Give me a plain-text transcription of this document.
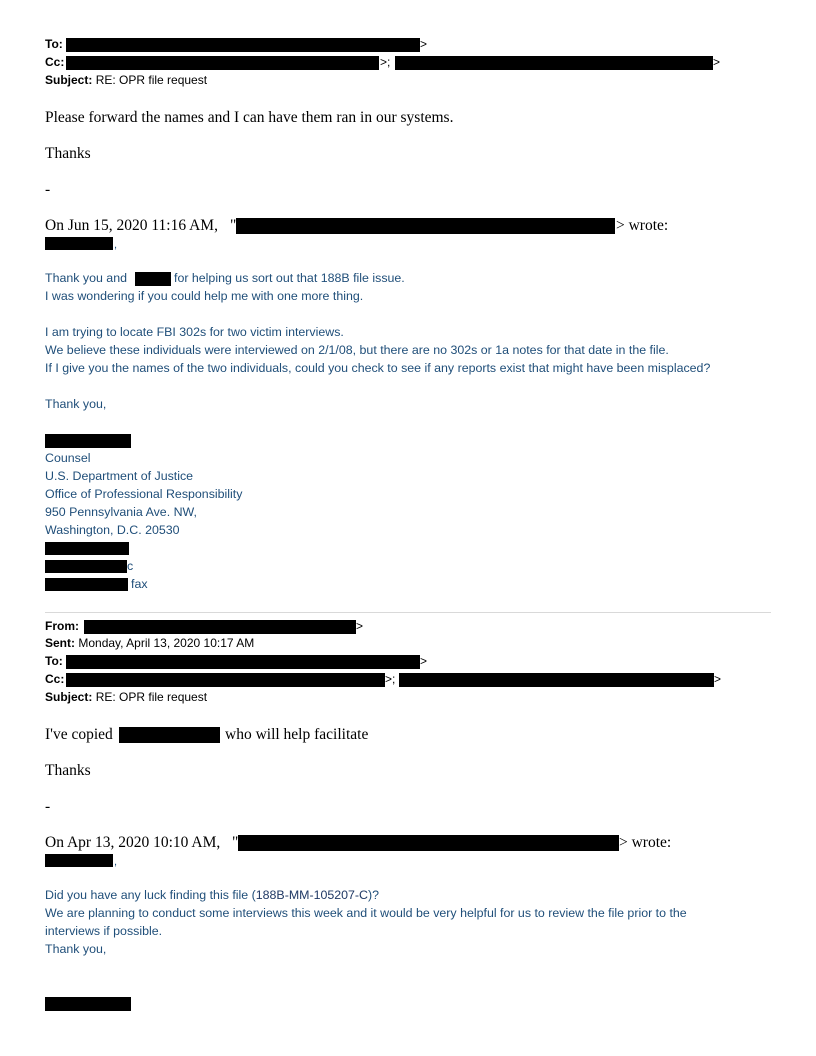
To:	>
Cc:	>;	>
Subject: RE: OPR file request
Please forward the names and I can have them ran in our systems.
Thanks
-
On Jun 15, 2020 11:16 AM, "	> wrote:
,
Thank you and	for helping us sort out that 188B file issue.
I was wondering if you could help me with one more thing.
I am trying to locate FBI 302s for two victim interviews.
We believe these individuals were interviewed on 2/1/08, but there are no 302s or 1a notes for that date in the file.
If I give you the names of the two individuals, could you check to see if any reports exist that might have been misplaced?
Thank you,
Counsel
U.S. Department of Justice
Office of Professional Responsibility
950 Pennsylvania Ave. NW,
Washington, D.C. 20530
c
fax
From:	>
Sent: Monday, April 13, 2020 10:17 AM
To:	>
Cc:	>;	>
Subject: RE: OPR file request
I've copied	who will help facilitate
Thanks
-
On Apr 13, 2020 10:10 AM, "	> wrote:
,
Did you have any luck finding this file (188B-MM-105207-C)?
We are planning to conduct some interviews this week and it would be very helpful for us to review the file prior to the
interviews if possible.
Thank you,
